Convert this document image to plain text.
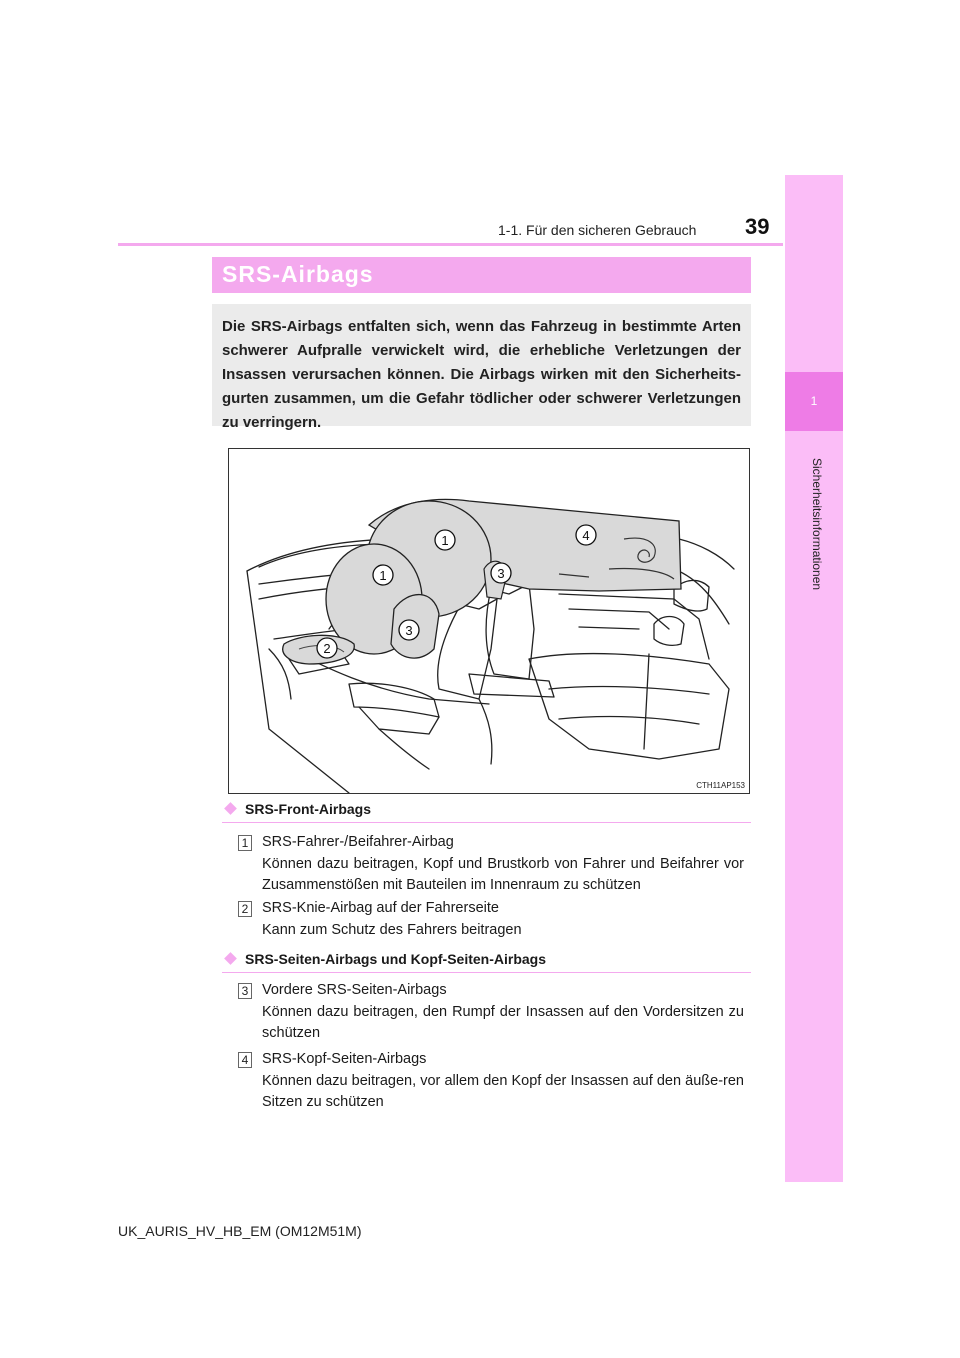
1-1. Für den sicheren Gebrauch 39
1
Sicherheitsinformationen
SRS-Airbags

Die SRS-Airbags entfalten sich, wenn das Fahrzeug in bestimmte Arten schwerer Aufpralle verwickelt wird, die erhebliche Verletzungen der Insassen verursachen können. Die Airbags wirken mit den Sicherheits-gurten zusammen, um die Gefahr tödlicher oder schwerer Verletzungen zu verringern.

1
1
2
3
3
4
CTH11AP153
SRS-Front-Airbags
1 SRS-Fahrer-/Beifahrer-Airbag
Können dazu beitragen, Kopf und Brustkorb von Fahrer und Beifahrer vor Zusammenstößen mit Bauteilen im Innenraum zu schützen
2 SRS-Knie-Airbag auf der Fahrerseite
Kann zum Schutz des Fahrers beitragen
SRS-Seiten-Airbags und Kopf-Seiten-Airbags
3 Vordere SRS-Seiten-Airbags
Können dazu beitragen, den Rumpf der Insassen auf den Vordersitzen zu schützen
4 SRS-Kopf-Seiten-Airbags
Können dazu beitragen, vor allem den Kopf der Insassen auf den äuße-ren Sitzen zu schützen
UK_AURIS_HV_HB_EM (OM12M51M)
